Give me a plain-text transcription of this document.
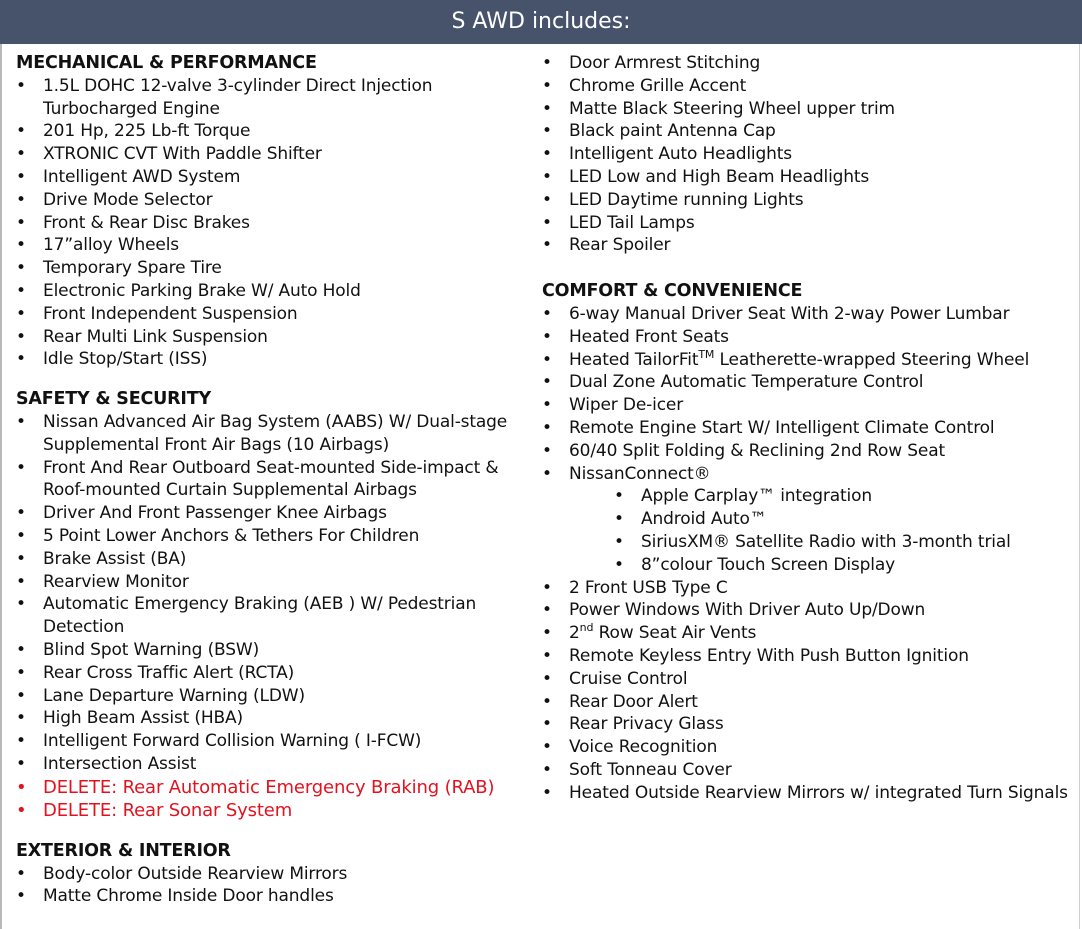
S AWD includes:
MECHANICAL & PERFORMANCE
• 1.5L DOHC 12-valve 3-cylinder Direct Injection Turbocharged Engine
• 201 Hp, 225 Lb-ft Torque
• XTRONIC CVT With Paddle Shifter
• Intelligent AWD System
• Drive Mode Selector
• Front & Rear Disc Brakes
• 17”alloy Wheels
• Temporary Spare Tire
• Electronic Parking Brake W/ Auto Hold
• Front Independent Suspension
• Rear Multi Link Suspension
• Idle Stop/Start (ISS)
SAFETY & SECURITY
• Nissan Advanced Air Bag System (AABS) W/ Dual-stage Supplemental Front Air Bags (10 Airbags)
• Front And Rear Outboard Seat-mounted Side-impact & Roof-mounted Curtain Supplemental Airbags
• Driver And Front Passenger Knee Airbags
• 5 Point Lower Anchors & Tethers For Children
• Brake Assist (BA)
• Rearview Monitor
• Automatic Emergency Braking (AEB ) W/ Pedestrian Detection
• Blind Spot Warning (BSW)
• Rear Cross Traffic Alert (RCTA)
• Lane Departure Warning (LDW)
• High Beam Assist (HBA)
• Intelligent Forward Collision Warning ( I-FCW)
• Intersection Assist
• DELETE: Rear Automatic Emergency Braking (RAB)
• DELETE: Rear Sonar System
EXTERIOR & INTERIOR
• Body-color Outside Rearview Mirrors
• Matte Chrome Inside Door handles
• Door Armrest Stitching
• Chrome Grille Accent
• Matte Black Steering Wheel upper trim
• Black paint Antenna Cap
• Intelligent Auto Headlights
• LED Low and High Beam Headlights
• LED Daytime running Lights
• LED Tail Lamps
• Rear Spoiler
COMFORT & CONVENIENCE
• 6-way Manual Driver Seat With 2-way Power Lumbar
• Heated Front Seats
• Heated TailorFit™ Leatherette-wrapped Steering Wheel
• Dual Zone Automatic Temperature Control
• Wiper De-icer
• Remote Engine Start W/ Intelligent Climate Control
• 60/40 Split Folding & Reclining 2nd Row Seat
• NissanConnect®
• Apple Carplay™ integration
• Android Auto™
• SiriusXM® Satellite Radio with 3-month trial
• 8”colour Touch Screen Display
• 2 Front USB Type C
• Power Windows With Driver Auto Up/Down
• 2nd Row Seat Air Vents
• Remote Keyless Entry With Push Button Ignition
• Cruise Control
• Rear Door Alert
• Rear Privacy Glass
• Voice Recognition
• Soft Tonneau Cover
• Heated Outside Rearview Mirrors w/ integrated Turn Signals
